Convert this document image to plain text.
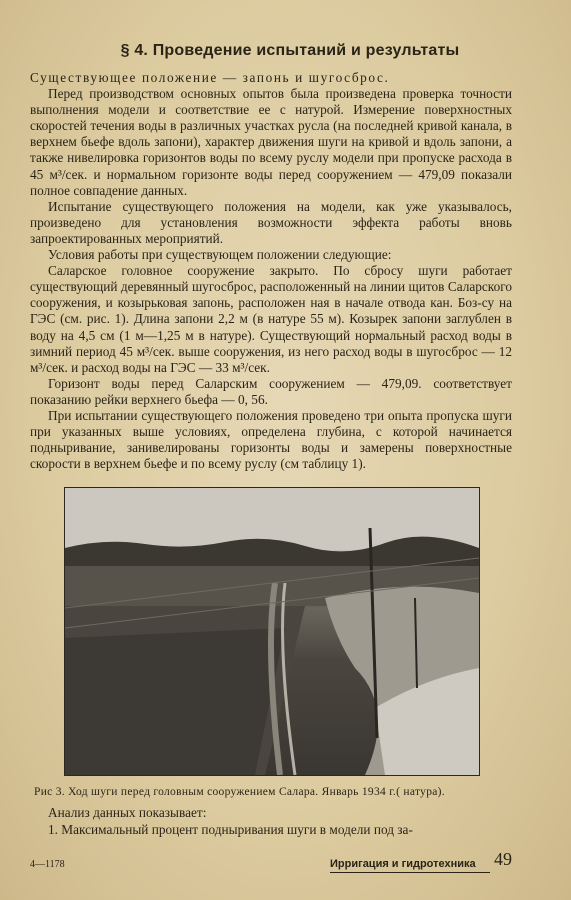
§ 4. Проведение испытаний и результаты

Существующее положение — запонь и шугосброс.

Перед производством основных опытов была произведена проверка точности выполнения модели и соответствие ее с натурой. Измерение поверхностных скоростей течения воды в различных участках русла (на последней кривой канала, в верхнем бьефе вдоль запони), характер движения шуги на кривой и вдоль запони, а также нивелировка горизонтов воды по всему руслу модели при пропуске расхода в 45 м³/сек. и нормальном горизонте воды перед сооружением — 479,09 показали полное совпадение данных.

Испытание существующего положения на модели, как уже указывалось, произведено для установления возможности эффекта работы вновь запроектированных мероприятий.

Условия работы при существующем положении следующие:

Саларское головное сооружение закрыто. По сбросу шуги работает существующий деревянный шугосброс, расположенный на линии щитов Саларского сооружения, и козырьковая запонь, расположен ная в начале отвода кан. Боз-су на ГЭС (см. рис. 1). Длина запони 2,2 м (в натуре 55 м). Козырек запони заглублен в воду на 4,5 см (1 м—1,25 м в натуре). Существующий нормальный расход воды в зимний период 45 м³/сек. выше сооружения, из него расход воды в шугосброс — 12 м³/сек. и расход воды на ГЭС — 33 м³/сек.

Горизонт воды перед Саларским сооружением — 479,09. соответствует показанию рейки верхнего бьефа — 0, 56.

При испытании существующего положения проведено три опыта пропуска шуги при указанных выше условиях, определена глубина, с которой начинается подныривание, занивелированы горизонты воды и замерены поверхностные скорости в верхнем бьефе и по всему руслу (см таблицу 1).

Рис 3. Ход шуги перед головным сооружением Салара. Январь 1934 г.( натура).

Анализ данных показывает:

1. Максимальный процент подныривания шуги в модели под за-

4—1178	Ирригация и гидротехника 49
